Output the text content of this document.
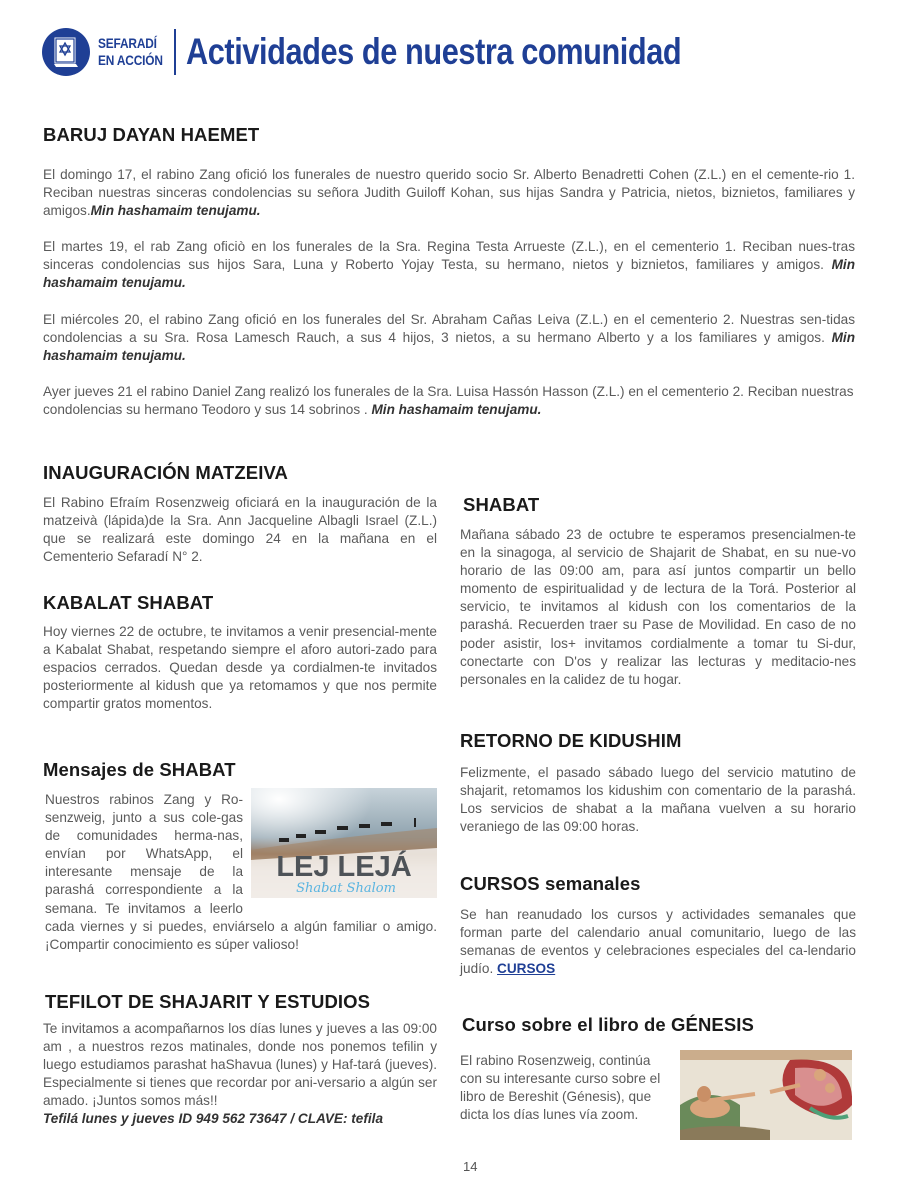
SEFARADÍ
EN ACCIÓN Actividades de nuestra comunidad
BARUJ DAYAN HAEMET
El domingo 17, el rabino Zang ofició los funerales de nuestro querido socio Sr. Alberto Benadretti Cohen (Z.L.) en el cemente-rio 1. Reciban nuestras sinceras condolencias su señora Judith Guiloff Kohan, sus hijas Sandra y Patricia, nietos, biznietos, familiares y amigos.Min hashamaim tenujamu.
El martes 19, el rab Zang oficiò en los funerales de la Sra. Regina Testa Arrueste (Z.L.), en el cementerio 1. Reciban nues-tras sinceras condolencias sus hijos Sara, Luna y Roberto Yojay Testa, su hermano, nietos y biznietos, familiares y amigos. Min hashamaim tenujamu.
El miércoles 20, el rabino Zang ofició en los funerales del Sr. Abraham Cañas Leiva (Z.L.) en el cementerio 2. Nuestras sen-tidas condolencias a su Sra. Rosa Lamesch Rauch, a sus 4 hijos, 3 nietos, a su hermano Alberto y a los familiares y amigos. Min hashamaim tenujamu.
Ayer jueves 21 el rabino Daniel Zang realizó los funerales de la Sra. Luisa Hassón Hasson (Z.L.) en el cementerio 2. Reciban nuestras condolencias su hermano Teodoro y sus 14 sobrinos . Min hashamaim tenujamu.
INAUGURACIÓN MATZEIVA
El Rabino Efraím Rosenzweig oficiará en la inauguración de la matzeivà (lápida)de la Sra. Ann Jacqueline Albagli Israel (Z.L.) que se realizará este domingo 24 en la mañana en el Cementerio Sefaradí N° 2.
KABALAT SHABAT
Hoy viernes 22 de octubre, te invitamos a venir presencial-mente a Kabalat Shabat, respetando siempre el aforo autori-zado para espacios cerrados. Quedan desde ya cordialmen-te invitados posteriormente al kidush que ya retomamos y que nos permite compartir gratos momentos.
Mensajes de SHABAT
LEJ LEJÁ
Shabat Shalom
Nuestros rabinos Zang y Ro-senzweig, junto a sus cole-gas de comunidades herma-nas, envían por WhatsApp, el interesante mensaje de la parashá correspondiente a la semana. Te invitamos a leerlo cada viernes y si puedes, enviárselo a algún familiar o amigo. ¡Compartir conocimiento es súper valioso!
TEFILOT DE SHAJARIT Y ESTUDIOS
Te invitamos a acompañarnos los días lunes y jueves a las 09:00 am , a nuestros rezos matinales, donde nos ponemos tefilin y luego estudiamos parashat haShavua (lunes) y Haf-tará (jueves). Especialmente si tienes que recordar por ani-versario a algún ser amado. ¡Juntos somos más!!
Tefilá lunes y jueves ID 949 562 73647 / CLAVE: tefila
SHABAT
Mañana sábado 23 de octubre te esperamos presencialmen-te en la sinagoga, al servicio de Shajarit de Shabat, en su nue-vo horario de las 09:00 am, para así juntos compartir un bello momento de espiritualidad y de lectura de la Torá. Posterior al servicio, te invitamos al kidush con los comentarios de la parashá. Recuerden traer su Pase de Movilidad. En caso de no poder asistir, los+ invitamos cordialmente a tomar tu Si-dur, conectarte con D'os y realizar las lecturas y meditacio-nes personales en la calidez de tu hogar.
RETORNO DE KIDUSHIM
Felizmente, el pasado sábado luego del servicio matutino de shajarit, retomamos los kidushim con comentario de la parashá. Los servicios de shabat a la mañana vuelven a su horario veraniego de las 09:00 horas.
CURSOS semanales
Se han reanudado los cursos y actividades semanales que forman parte del calendario anual comunitario, luego de las semanas de eventos y celebraciones especiales del ca-lendario judío. CURSOS
Curso sobre el libro de GÉNESIS
El rabino Rosenzweig, continúa con su interesante curso sobre el libro de Bereshit (Génesis), que dicta los días lunes vía zoom.
14
